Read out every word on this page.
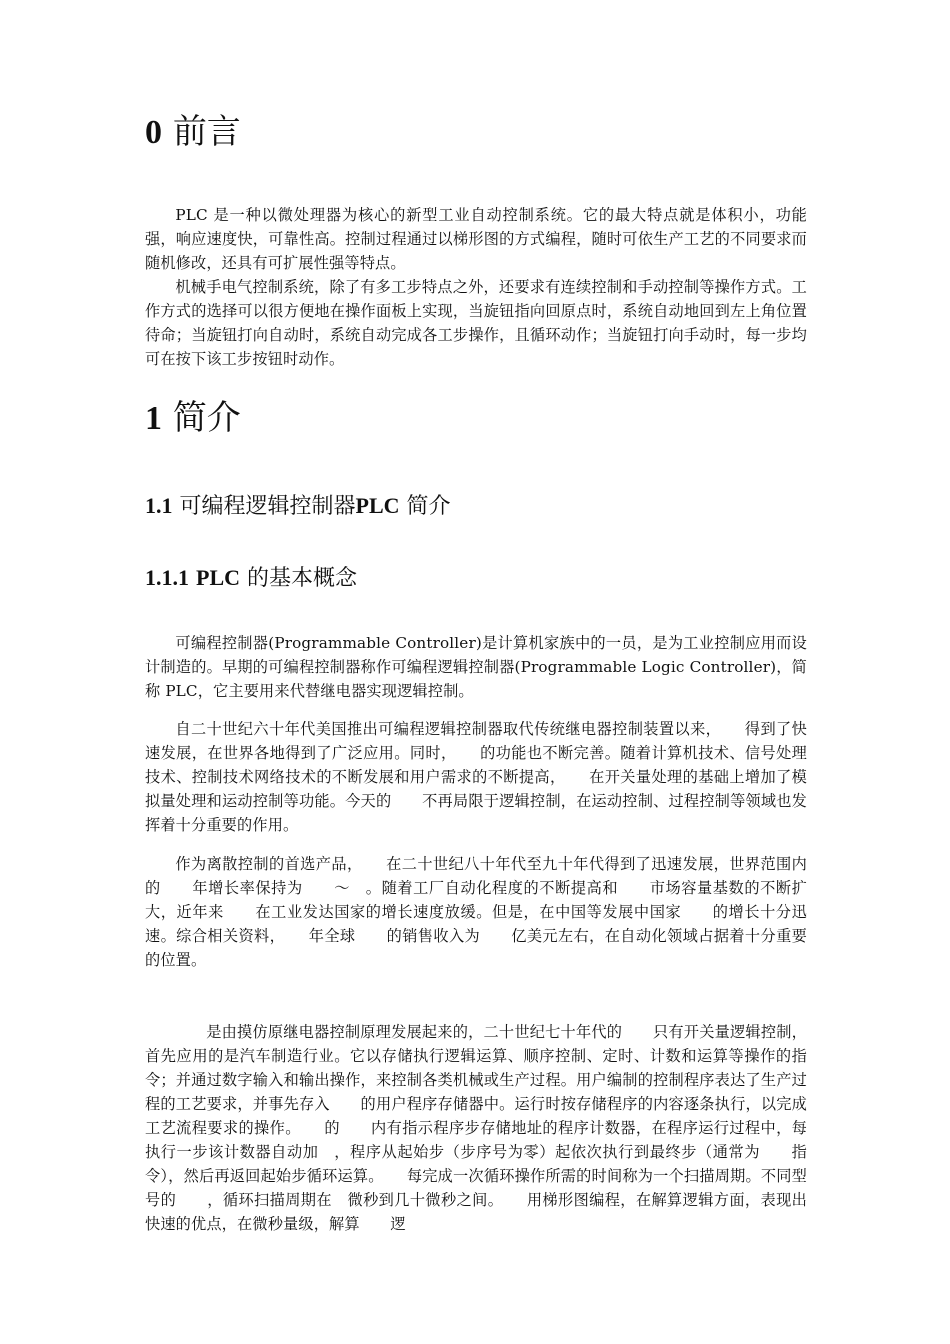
0 前言

PLC 是一种以微处理器为核心的新型工业自动控制系统。它的最大特点就是体积小，功能强，响应速度快，可靠性高。控制过程通过以梯形图的方式编程，随时可依生产工艺的不同要求而随机修改，还具有可扩展性强等特点。

机械手电气控制系统，除了有多工步特点之外，还要求有连续控制和手动控制等操作方式。工作方式的选择可以很方便地在操作面板上实现，当旋钮指向回原点时，系统自动地回到左上角位置待命；当旋钮打向自动时，系统自动完成各工步操作，且循环动作；当旋钮打向手动时，每一步均可在按下该工步按钮时动作。

1 简介
1.1 可编程逻辑控制器PLC 简介
1.1.1 PLC 的基本概念

可编程控制器(Programmable Controller)是计算机家族中的一员，是为工业控制应用而设计制造的。早期的可编程控制器称作可编程逻辑控制器(Programmable Logic Controller)，简称 PLC，它主要用来代替继电器实现逻辑控制。

自二十世纪六十年代美国推出可编程逻辑控制器取代传统继电器控制装置以来，　　得到了快速发展，在世界各地得到了广泛应用。同时，　　的功能也不断完善。随着计算机技术、信号处理技术、控制技术网络技术的不断发展和用户需求的不断提高，　　在开关量处理的基础上增加了模拟量处理和运动控制等功能。今天的　　不再局限于逻辑控制，在运动控制、过程控制等领域也发挥着十分重要的作用。

作为离散控制的首选产品，　　在二十世纪八十年代至九十年代得到了迅速发展，世界范围内的　　年增长率保持为　　～　。随着工厂自动化程度的不断提高和　　市场容量基数的不断扩大，近年来　　在工业发达国家的增长速度放缓。但是，在中国等发展中国家　　的增长十分迅速。综合相关资料，　　年全球　　的销售收入为　　亿美元左右，在自动化领域占据着十分重要的位置。

　　是由摸仿原继电器控制原理发展起来的，二十世纪七十年代的　　只有开关量逻辑控制，首先应用的是汽车制造行业。它以存储执行逻辑运算、顺序控制、定时、计数和运算等操作的指令；并通过数字输入和输出操作，来控制各类机械或生产过程。用户编制的控制程序表达了生产过程的工艺要求，并事先存入　　的用户程序存储器中。运行时按存储程序的内容逐条执行，以完成工艺流程要求的操作。　　的　　内有指示程序步存储地址的程序计数器，在程序运行过程中，每执行一步该计数器自动加　，程序从起始步（步序号为零）起依次执行到最终步（通常为　　指令），然后再返回起始步循环运算。　　每完成一次循环操作所需的时间称为一个扫描周期。不同型号的　　，循环扫描周期在　微秒到几十微秒之间。　　用梯形图编程，在解算逻辑方面，表现出快速的优点，在微秒量级，解算　　逻
